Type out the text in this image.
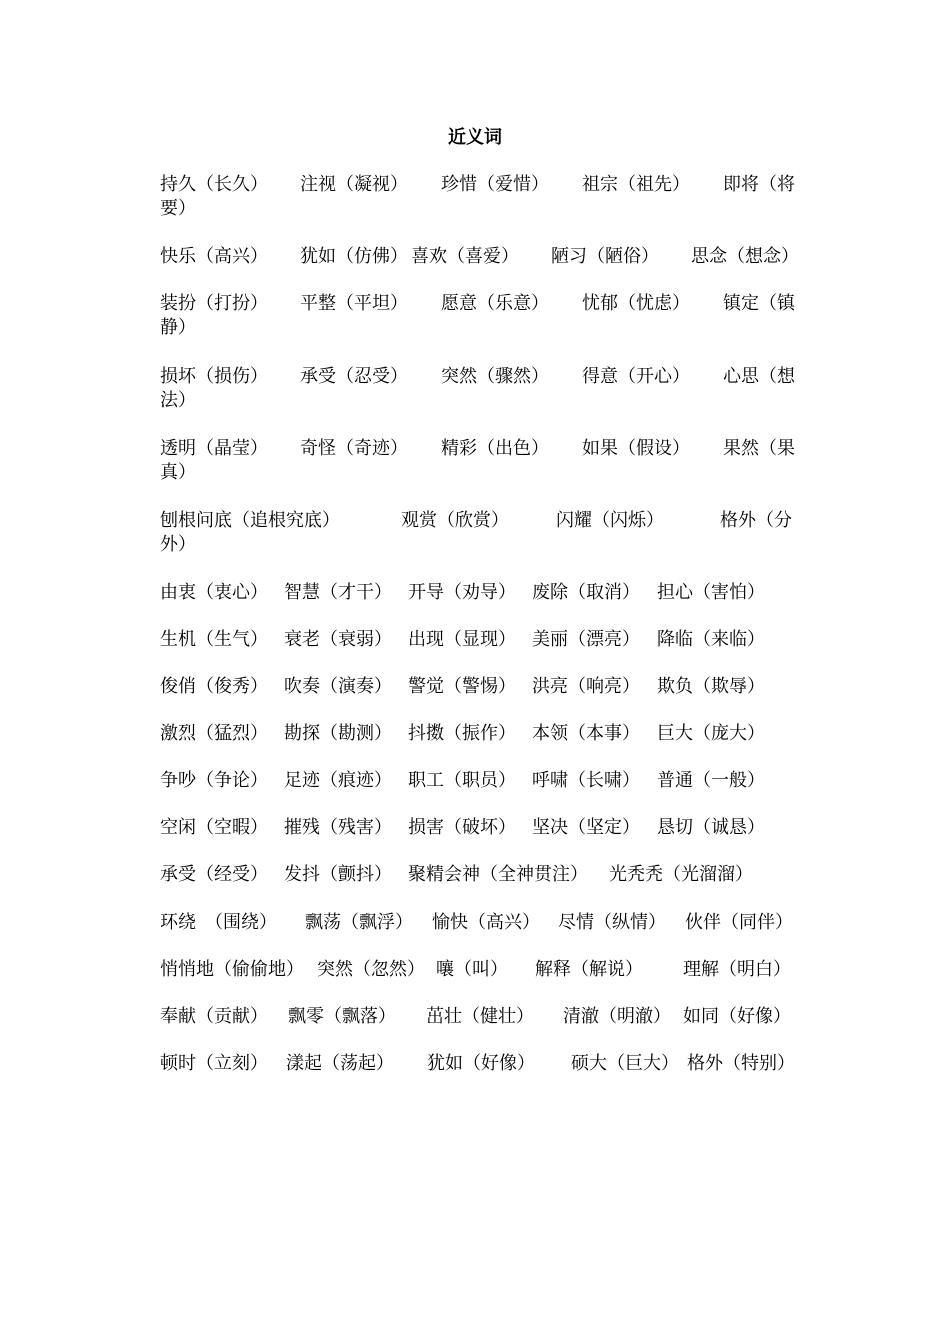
近义词
持久（长久） 注视（凝视） 珍惜（爱惜） 祖宗（祖先） 即将（将
要）
快乐（高兴） 犹如（仿佛） 喜欢（喜爱） 陋习（陋俗） 思念（想念）
装扮（打扮） 平整（平坦） 愿意（乐意） 忧郁（忧虑） 镇定（镇
静）
损坏（损伤） 承受（忍受） 突然（骤然） 得意（开心） 心思（想
法）
透明（晶莹） 奇怪（奇迹） 精彩（出色） 如果（假设） 果然（果
真）
刨根问底（追根究底）	观赏（欣赏）	闪耀（闪烁）	格外（分
外）
由衷（衷心） 智慧（才干） 开导（劝导） 废除（取消） 担心（害怕）
生机（生气） 衰老（衰弱） 出现（显现） 美丽（漂亮） 降临（来临）
俊俏（俊秀） 吹奏（演奏） 警觉（警惕） 洪亮（响亮） 欺负（欺辱）
激烈（猛烈） 勘探（勘测） 抖擞（振作） 本领（本事） 巨大（庞大）
争吵（争论） 足迹（痕迹） 职工（职员） 呼啸（长啸） 普通（一般）
空闲（空暇） 摧残（残害） 损害（破坏） 坚决（坚定） 恳切（诚恳）
承受（经受） 发抖（颤抖） 聚精会神（全神贯注） 光秃秃（光溜溜）
环绕　（围绕） 飘荡（飘浮） 愉快（高兴） 尽情（纵情） 伙伴（同伴）
悄悄地（偷偷地） 突然（忽然） 嚷（叫） 解释（解说） 理解（明白）
奉献（贡献） 飘零（飘落） 茁壮（健壮） 清澈（明澈） 如同（好像）
顿时（立刻） 漾起（荡起） 犹如（好像） 硕大（巨大） 格外（特别）
